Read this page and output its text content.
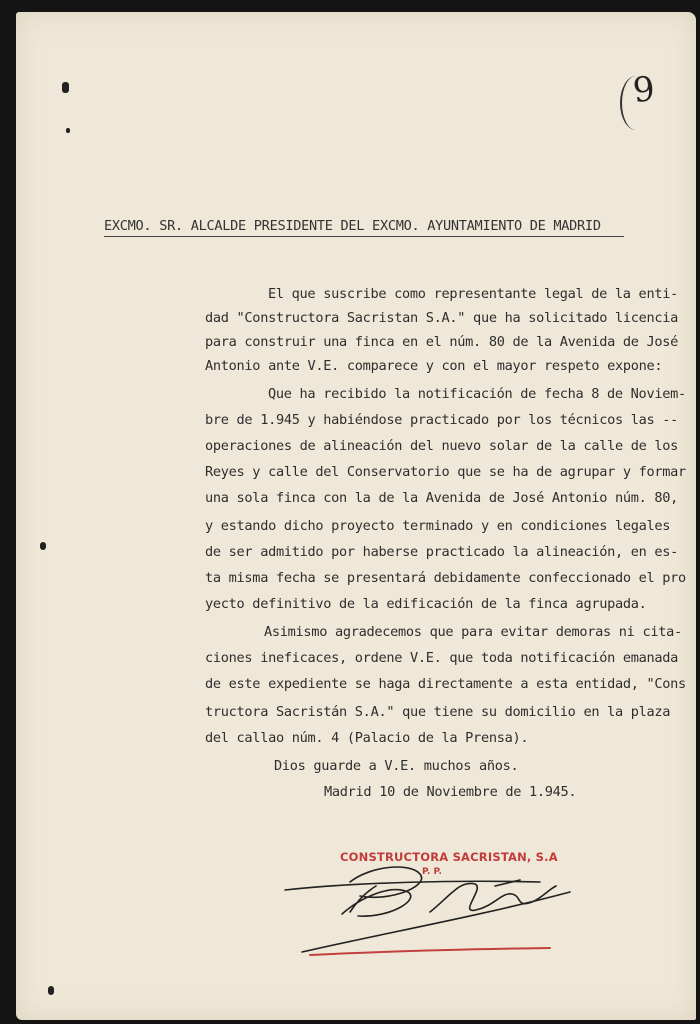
9
EXCMO. SR. ALCALDE PRESIDENTE DEL EXCMO. AYUNTAMIENTO DE MADRID
El que suscribe como representante legal de la enti-
dad "Constructora Sacristan S.A." que ha solicitado licencia
para construir una finca en el núm. 80 de la Avenida de José
Antonio ante V.E. comparece y con el mayor respeto expone:
Que ha recibido la notificación de fecha 8 de Noviem-
bre de 1.945 y habiéndose practicado por los técnicos las --
operaciones de alineación del nuevo solar de la calle de los
Reyes y calle del Conservatorio que se ha de agrupar y formar
una sola finca con la de la Avenida de José Antonio núm. 80,
y estando dicho proyecto terminado y en condiciones legales
de ser admitido por haberse practicado la alineación, en es-
ta misma fecha se presentará debidamente confeccionado el pro
yecto definitivo de la edificación de la finca agrupada.
Asimismo agradecemos que para evitar demoras ni cita-
ciones ineficaces, ordene V.E. que toda notificación emanada
de este expediente se haga directamente a esta entidad, "Cons
tructora Sacristán S.A." que tiene su domicilio en la plaza
del callao núm. 4 (Palacio de la Prensa).
Dios guarde a V.E. muchos años.
Madrid 10 de Noviembre de 1.945.
CONSTRUCTORA SACRISTAN, S.A
P. P.
